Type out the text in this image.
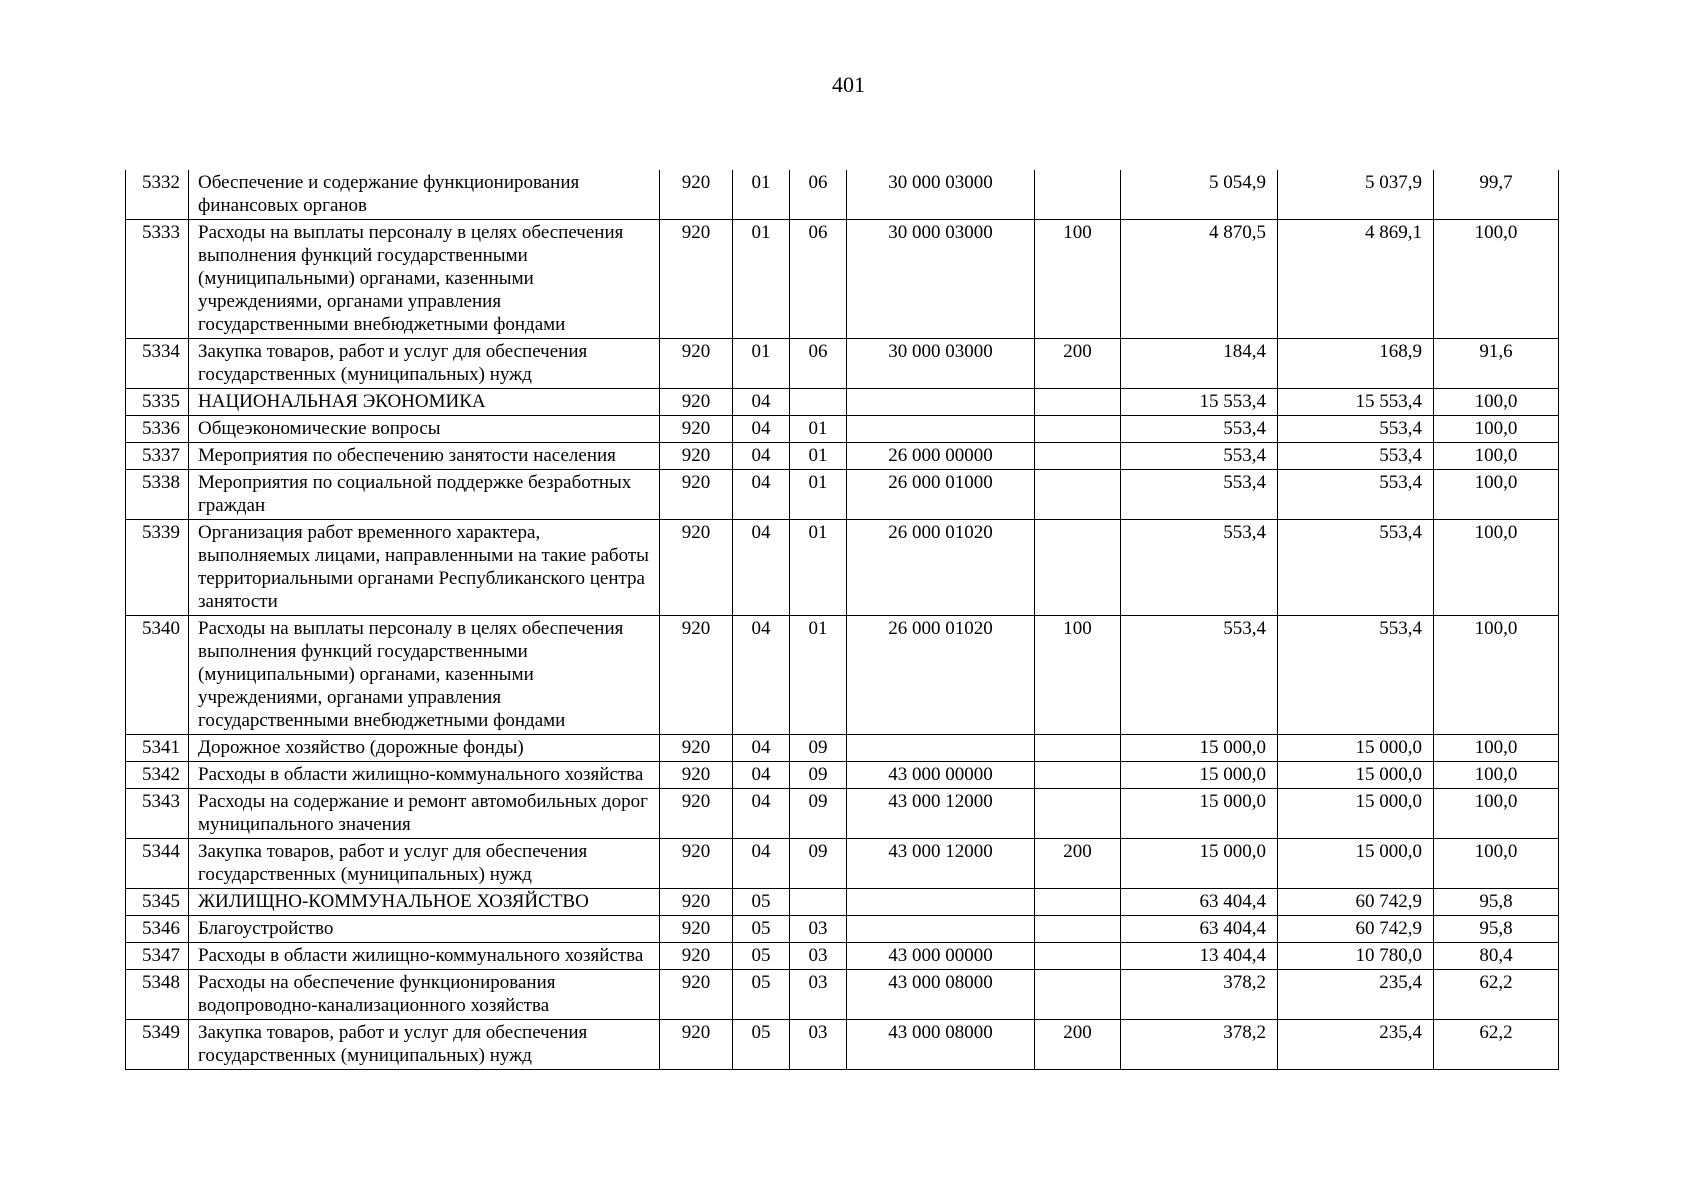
401
5332	Обеспечение и содержание функционирования финансовых органов	920	01	06	30 000 03000		5 054,9	5 037,9	99,7
5333	Расходы на выплаты персоналу в целях обеспечения выполнения функций государственными (муниципальными) органами, казенными учреждениями, органами управления государственными внебюджетными фондами	920	01	06	30 000 03000	100	4 870,5	4 869,1	100,0
5334	Закупка товаров, работ и услуг для обеспечения государственных (муниципальных) нужд	920	01	06	30 000 03000	200	184,4	168,9	91,6
5335	НАЦИОНАЛЬНАЯ ЭКОНОМИКА	920	04				15 553,4	15 553,4	100,0
5336	Общеэкономические вопросы	920	04	01			553,4	553,4	100,0
5337	Мероприятия по обеспечению занятости населения	920	04	01	26 000 00000		553,4	553,4	100,0
5338	Мероприятия по социальной поддержке безработных граждан	920	04	01	26 000 01000		553,4	553,4	100,0
5339	Организация работ временного характера, выполняемых лицами, направленными на такие работы территориальными органами Республиканского центра занятости	920	04	01	26 000 01020		553,4	553,4	100,0
5340	Расходы на выплаты персоналу в целях обеспечения выполнения функций государственными (муниципальными) органами, казенными учреждениями, органами управления государственными внебюджетными фондами	920	04	01	26 000 01020	100	553,4	553,4	100,0
5341	Дорожное хозяйство (дорожные фонды)	920	04	09			15 000,0	15 000,0	100,0
5342	Расходы в области жилищно-коммунального хозяйства	920	04	09	43 000 00000		15 000,0	15 000,0	100,0
5343	Расходы на содержание и ремонт автомобильных дорог муниципального значения	920	04	09	43 000 12000		15 000,0	15 000,0	100,0
5344	Закупка товаров, работ и услуг для обеспечения государственных (муниципальных) нужд	920	04	09	43 000 12000	200	15 000,0	15 000,0	100,0
5345	ЖИЛИЩНО-КОММУНАЛЬНОЕ ХОЗЯЙСТВО	920	05				63 404,4	60 742,9	95,8
5346	Благоустройство	920	05	03			63 404,4	60 742,9	95,8
5347	Расходы в области жилищно-коммунального хозяйства	920	05	03	43 000 00000		13 404,4	10 780,0	80,4
5348	Расходы на обеспечение функционирования водопроводно-канализационного хозяйства	920	05	03	43 000 08000		378,2	235,4	62,2
5349	Закупка товаров, работ и услуг для обеспечения государственных (муниципальных) нужд	920	05	03	43 000 08000	200	378,2	235,4	62,2
